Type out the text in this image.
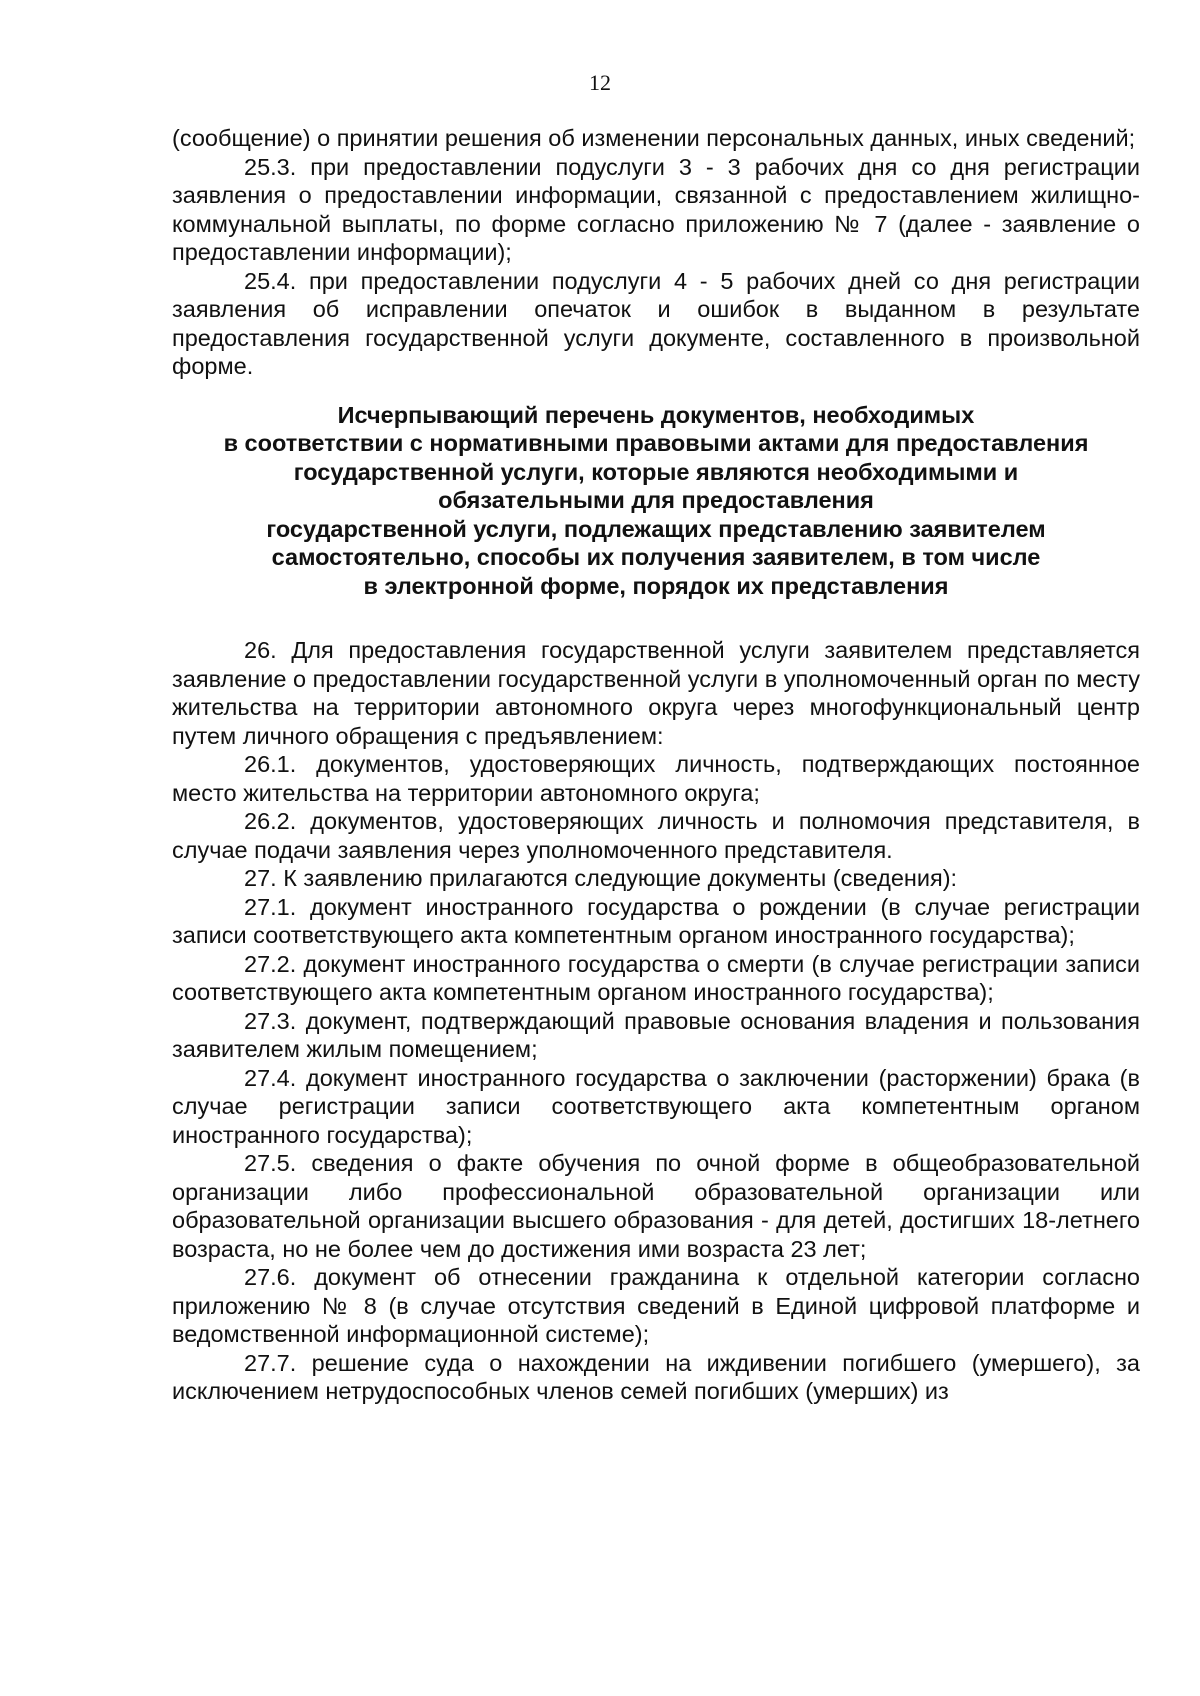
12

(сообщение) о принятии решения об изменении персональных данных, иных сведений;

25.3. при предоставлении подуслуги 3 - 3 рабочих дня со дня регистрации заявления о предоставлении информации, связанной с предоставлением жилищно-коммунальной выплаты, по форме согласно приложению № 7 (далее - заявление о предоставлении информации);

25.4. при предоставлении подуслуги 4 - 5 рабочих дней со дня регистрации заявления об исправлении опечаток и ошибок в выданном в результате предоставления государственной услуги документе, составленного в произвольной форме.

Исчерпывающий перечень документов, необходимых
в соответствии с нормативными правовыми актами для предоставления
государственной услуги, которые являются необходимыми и
обязательными для предоставления
государственной услуги, подлежащих представлению заявителем
самостоятельно, способы их получения заявителем, в том числе
в электронной форме, порядок их представления

26. Для предоставления государственной услуги заявителем представляется заявление о предоставлении государственной услуги в уполномоченный орган по месту жительства на территории автономного округа через многофункциональный центр путем личного обращения с предъявлением:

26.1. документов, удостоверяющих личность, подтверждающих постоянное место жительства на территории автономного округа;

26.2. документов, удостоверяющих личность и полномочия представителя, в случае подачи заявления через уполномоченного представителя.

27. К заявлению прилагаются следующие документы (сведения):

27.1. документ иностранного государства о рождении (в случае регистрации записи соответствующего акта компетентным органом иностранного государства);

27.2. документ иностранного государства о смерти (в случае регистрации записи соответствующего акта компетентным органом иностранного государства);

27.3. документ, подтверждающий правовые основания владения и пользования заявителем жилым помещением;

27.4. документ иностранного государства о заключении (расторжении) брака (в случае регистрации записи соответствующего акта компетентным органом иностранного государства);

27.5. сведения о факте обучения по очной форме в общеобразовательной организации либо профессиональной образовательной организации или образовательной организации высшего образования - для детей, достигших 18-летнего возраста, но не более чем до достижения ими возраста 23 лет;

27.6. документ об отнесении гражданина к отдельной категории согласно приложению № 8 (в случае отсутствия сведений в Единой цифровой платформе и ведомственной информационной системе);

27.7. решение суда о нахождении на иждивении погибшего (умершего), за исключением нетрудоспособных членов семей погибших (умерших) из
